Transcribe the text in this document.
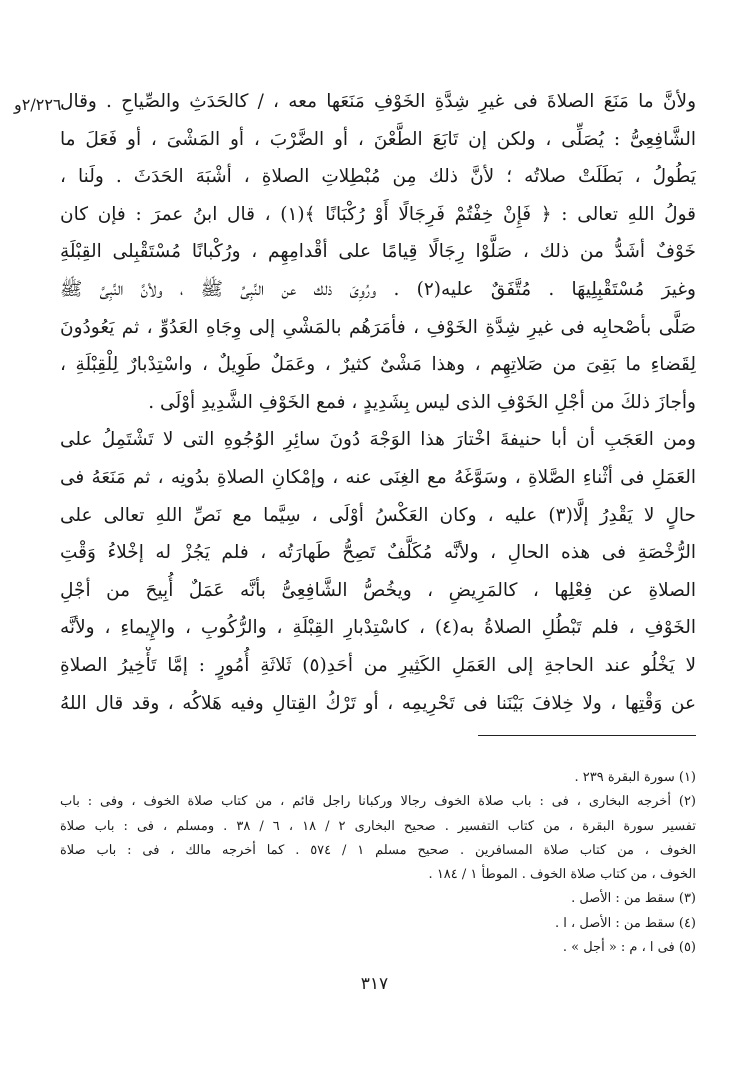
۲۲٦/۲و
ولأنَّ ما مَنَعَ الصلاةَ فى غيرِ شِدَّةِ الخَوْفِ مَنَعَها معه ، / كالحَدَثِ والصِّياحِ . وقال
الشَّافِعِىُّ : يُصَلِّى ، ولكن إن تَابَعَ الطَّعْنَ ، أو الضَّرْبَ ، أو المَشْىَ ، أو فَعَلَ ما
يَطُولُ ، بَطَلَتْ صلاتُه ؛ لأنَّ ذلك مِن مُبْطِلاتِ الصلاةِ ، أشْبَهَ الحَدَثَ . ولَنا ،
قولُ اللهِ تعالى : ﴿ فَإِنْ خِفْتُمْ فَرِجَالًا أَوْ رُكْبَانًا ﴾(١) ، قال ابنُ عمرَ : فإن كان
خَوْفٌ أشَدُّ من ذلك ، صَلَّوْا رِجَالًا قِيامًا على أقْدامِهِم ، ورُكْبانًا مُسْتَقْبِلى القِبْلَةِ
وغيرَ مُسْتَقْبِلِيهَا . مُتَّفَقٌ عليه(٢) . ورُوِىَ ذلك عن النَّبِىِّ ﷺ ، ولأنَّ النَّبِىَّ ﷺ
صَلَّى بأصْحابِه فى غيرِ شِدَّةِ الخَوْفِ ، فأمَرَهُم بالمَشْىِ إلى وِجَاهِ العَدُوِّ ، ثم يَعُودُونَ
لِقَضاءِ ما بَقِىَ من صَلاتِهِم ، وهذا مَشْىٌ كثيرٌ ، وعَمَلٌ طَوِيلٌ ، واسْتِدْبارٌ لِلْقِبْلَةِ ،
وأجازَ ذلكَ من أجْلِ الخَوْفِ الذى ليس بِشَدِيدٍ ، فمع الخَوْفِ الشَّدِيدِ أوْلَى .
ومن العَجَبِ أن أبا حنيفةَ اخْتارَ هذا الوَجْهَ دُونَ سائِرِ الوُجُوهِ التى لا تَشْتَمِلُ على
العَمَلِ فى أثْناءِ الصَّلاةِ ، وسَوَّغَهُ مع الغِنَى عنه ، وإمْكانِ الصلاةِ بدُونِه ، ثم مَنَعَهُ فى
حالٍ لا يَقْدِرُ إلَّا(٣) عليه ، وكان العَكْسُ أوْلَى ، سِيَّما مع نَصِّ اللهِ تعالى على
الرُّخْصَةِ فى هذه الحالِ ، ولأنَّه مُكَلَّفٌ تَصِحُّ طَهارَتُه ، فلم يَجُزْ له إخْلاءُ وَقْتِ
الصلاةِ عن فِعْلِها ، كالمَرِيضِ ، ويخُصُّ الشَّافِعِىُّ بأنَّه عَمَلٌ أُبِيحَ من أجْلِ
الخَوْفِ ، فلم تَبْطُلِ الصلاةُ به(٤) ، كاسْتِدْبارِ القِبْلَةِ ، والرُّكُوبِ ، والإِيماءِ ، ولأنَّه
لا يَخْلُو عند الحاجةِ إلى العَمَلِ الكَثِيرِ من أحَدِ(٥) ثَلاثَةِ أُمُورٍ : إمَّا تَأْخِيرُ الصلاةِ
عن وَقْتِها ، ولا خِلافَ بَيْنَنا فى تَحْرِيمِه ، أو تَرْكُ القِتالِ وفيه هَلاكُه ، وقد قال اللهُ
(١) سورة البقرة ٢٣٩ .
(٢) أخرجه البخارى ، فى : باب صلاة الخوف رجالا وركبانا راجل قائم ، من كتاب صلاة الخوف ، وفى : باب
تفسير سورة البقرة ، من كتاب التفسير . صحيح البخارى ٢ / ١٨ ، ٦ / ٣٨ . ومسلم ، فى : باب صلاة
الخوف ، من كتاب صلاة المسافرين . صحيح مسلم ١ / ٥٧٤ . كما أخرجه مالك ، فى : باب صلاة
الخوف ، من كتاب صلاة الخوف . الموطأ ١ / ١٨٤ .
(٣) سقط من : الأصل .
(٤) سقط من : الأصل ، ا .
(٥) فى ا ، م : « أجل » .
٣١٧
